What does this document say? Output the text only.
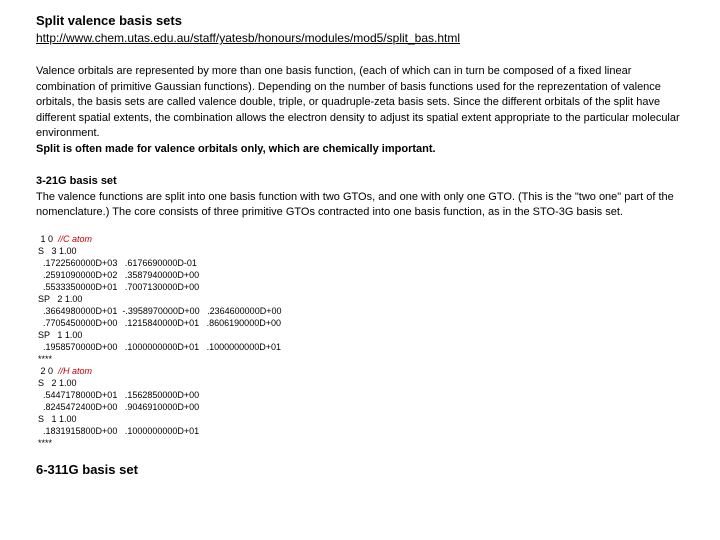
Split valence basis sets
http://www.chem.utas.edu.au/staff/yatesb/honours/modules/mod5/split_bas.html

Valence orbitals are represented by more than one basis function, (each of which can in turn be composed of a fixed linear combination of primitive Gaussian functions). Depending on the number of basis functions used for the reprezentation of valence orbitals, the basis sets are called valence double, triple, or quadruple-zeta basis sets. Since the different orbitals of the split have different spatial extents, the combination allows the electron density to adjust its spatial extent appropriate to the particular molecular environment.
Split is often made for valence orbitals only, which are chemically important.

3-21G basis set

The valence functions are split into one basis function with two GTOs, and one with only one GTO. (This is the "two one" part of the nomenclature.) The core consists of three primitive GTOs contracted into one basis function, as in the STO-3G basis set.

1 0  //C atom
S   3 1.00
.1722560000D+03   .6176690000D-01
.2591090000D+02   .3587940000D+00
.5533350000D+01   .7007130000D+00
SP   2 1.00
.3664980000D+01  -.3958970000D+00   .2364600000D+00
.7705450000D+00   .1215840000D+01   .8606190000D+00
SP   1 1.00
.1958570000D+00   .1000000000D+01   .1000000000D+01
****
2 0  //H atom
S   2 1.00
.5447178000D+01   .1562850000D+00
.8245472400D+00   .9046910000D+00
S   1 1.00
.1831915800D+00   .1000000000D+01
****
6-311G basis set
